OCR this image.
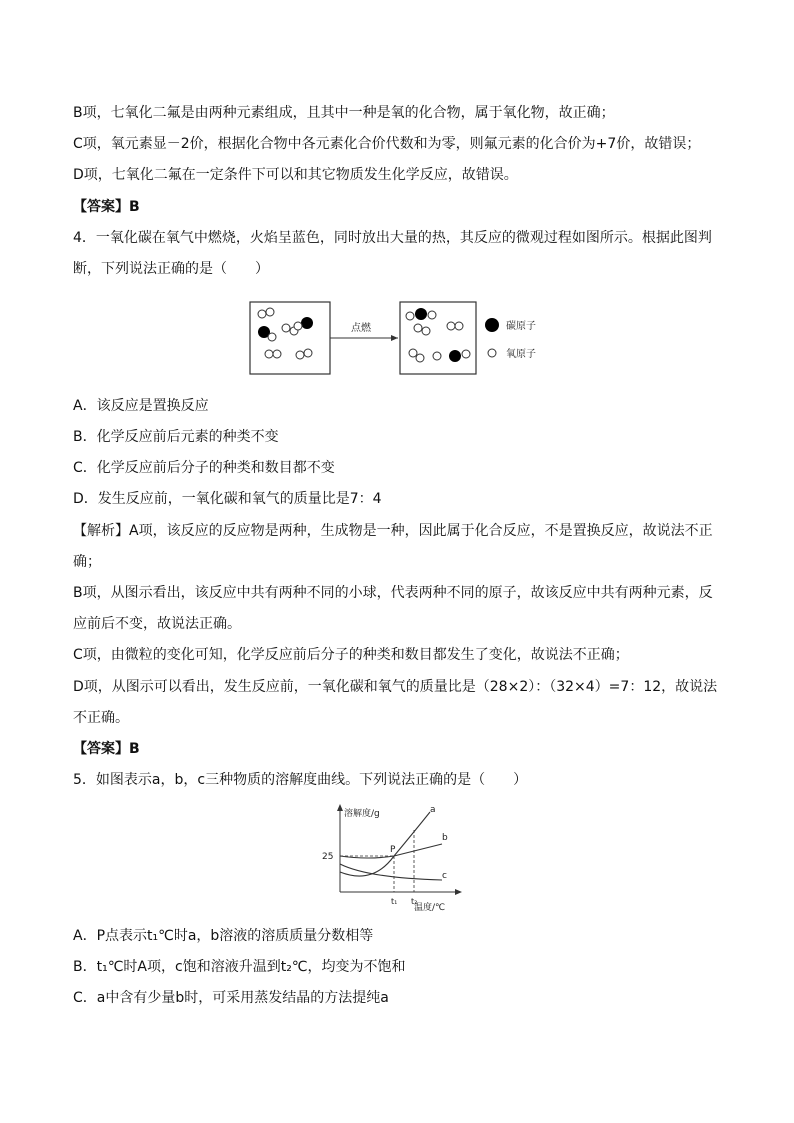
B项，七氧化二氟是由两种元素组成，且其中一种是氧的化合物，属于氧化物，故正确；
C项，氧元素显－2价，根据化合物中各元素化合价代数和为零，则氟元素的化合价为+7价，故错误；
D项，七氧化二氟在一定条件下可以和其它物质发生化学反应，故错误。
【答案】B
4．一氧化碳在氧气中燃烧，火焰呈蓝色，同时放出大量的热，其反应的微观过程如图所示。根据此图判
断，下列说法正确的是（　　）
点燃	碳原子
氧原子
A．该反应是置换反应
B．化学反应前后元素的种类不变
C．化学反应前后分子的种类和数目都不变
D．发生反应前，一氧化碳和氧气的质量比是7：4
【解析】A项，该反应的反应物是两种，生成物是一种，因此属于化合反应，不是置换反应，故说法不正
确；
B项，从图示看出，该反应中共有两种不同的小球，代表两种不同的原子，故该反应中共有两种元素，反
应前后不变，故说法正确。
C项，由微粒的变化可知，化学反应前后分子的种类和数目都发生了变化，故说法不正确；
D项，从图示可以看出，发生反应前，一氧化碳和氧气的质量比是（28×2）：（32×4）=7：12，故说法
不正确。
【答案】B
5．如图表示a，b，c三种物质的溶解度曲线。下列说法正确的是（　　）
溶解度/g
温度/℃
25
a
b
c
P
t₁ t₂
A．P点表示t₁℃时a，b溶液的溶质质量分数相等
B．t₁℃时A项，c饱和溶液升温到t₂℃，均变为不饱和
C．a中含有少量b时，可采用蒸发结晶的方法提纯a
